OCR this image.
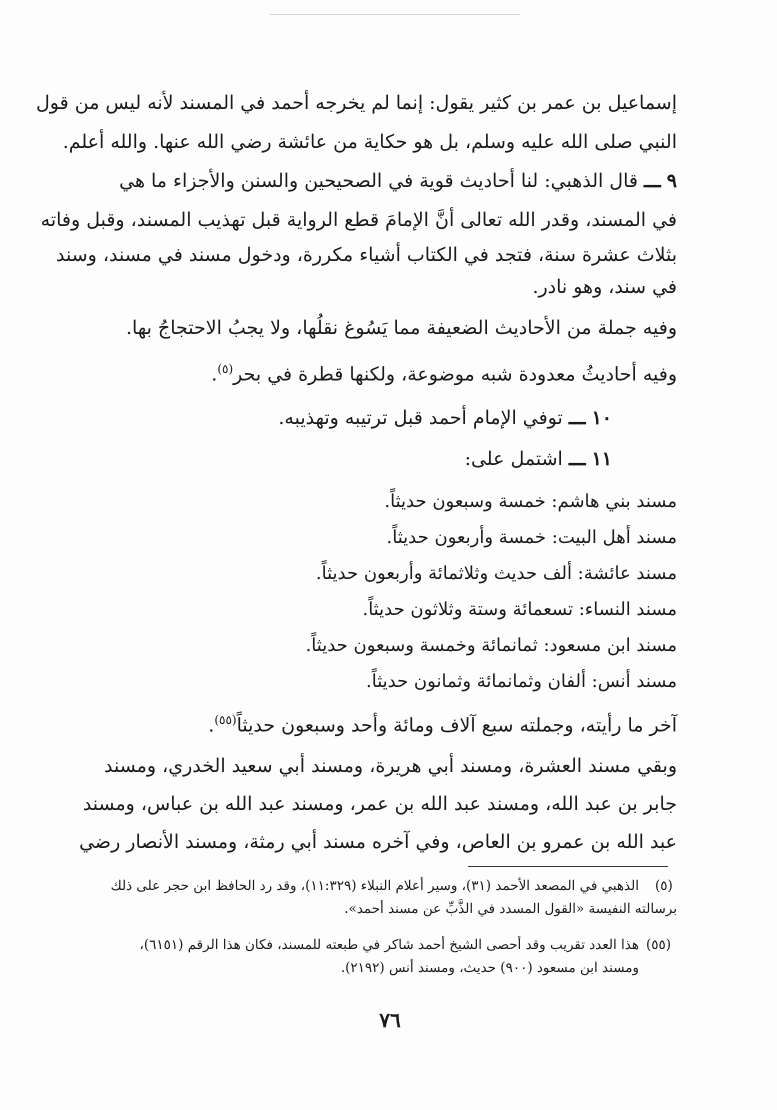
إسماعيل بن عمر بن كثير يقول: إنما لم يخرجه أحمد في المسند لأنه ليس من قول
النبي صلى الله عليه وسلم، بل هو حكاية من عائشة رضي الله عنها. والله أعلم.
٩ ـــ قال الذهبي: لنا أحاديث قوية في الصحيحين والسنن والأجزاء ما هي
في المسند، وقدر الله تعالى أنَّ الإمامَ قطع الرواية قبل تهذيب المسند، وقبل وفاته
بثلاث عشرة سنة، فتجد في الكتاب أشياء مكررة، ودخول مسند في مسند، وسند
في سند، وهو نادر.
وفيه جملة من الأحاديث الضعيفة مما يَسُوغ نقلُها، ولا يجبُ الاحتجاجُ بها.
وفيه أحاديثُ معدودة شبه موضوعة، ولكنها قطرة في بحر$^{(٥)}$.
١٠ ـــ توفي الإمام أحمد قبل ترتيبه وتهذيبه.
١١ ـــ اشتمل على:
مسند بني هاشم: خمسة وسبعون حديثاً.
مسند أهل البيت: خمسة وأربعون حديثاً.
مسند عائشة: ألف حديث وثلاثمائة وأربعون حديثاً.
مسند النساء: تسعمائة وستة وثلاثون حديثاً.
مسند ابن مسعود: ثمانمائة وخمسة وسبعون حديثاً.
مسند أنس: ألفان وثمانمائة وثمانون حديثاً.
آخر ما رأيته، وجملته سبع آلاف ومائة وأحد وسبعون حديثاً$^{(٥٥)}$.
وبقي مسند العشرة، ومسند أبي هريرة، ومسند أبي سعيد الخدري، ومسند
جابر بن عبد الله، ومسند عبد الله بن عمر، ومسند عبد الله بن عباس، ومسند
عبد الله بن عمرو بن العاص، وفي آخره مسند أبي رمثة، ومسند الأنصار رضي
(٥)
الذهبي في المصعد الأحمد (٣١)، وسير أعلام النبلاء (١١:٣٢٩)، وقد رد الحافظ ابن حجر على ذلك
برسالته النفيسة «القول المسدد في الذَّبِّ عن مسند أحمد».
(٥٥)
هذا العدد تقريب وقد أحصى الشيخ أحمد شاكر في طبعته للمسند، فكان هذا الرقم (٦١٥١)،
ومسند ابن مسعود (٩٠٠) حديث، ومسند أنس (٢١٩٢).
٧٦
